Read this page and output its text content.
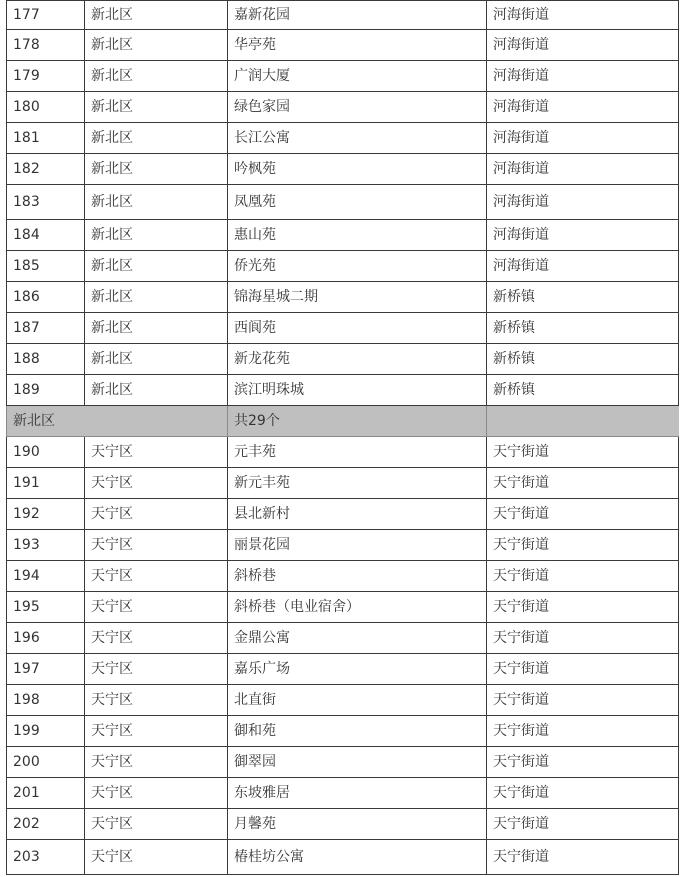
177	新北区	嘉新花园	河海街道
178	新北区	华亭苑	河海街道
179	新北区	广润大厦	河海街道
180	新北区	绿色家园	河海街道
181	新北区	长江公寓	河海街道
182	新北区	吟枫苑	河海街道
183	新北区	凤凰苑	河海街道
184	新北区	惠山苑	河海街道
185	新北区	侨光苑	河海街道
186	新北区	锦海星城二期	新桥镇
187	新北区	西阆苑	新桥镇
188	新北区	新龙花苑	新桥镇
189	新北区	滨江明珠城	新桥镇
新北区		共29个	
190	天宁区	元丰苑	天宁街道
191	天宁区	新元丰苑	天宁街道
192	天宁区	县北新村	天宁街道
193	天宁区	丽景花园	天宁街道
194	天宁区	斜桥巷	天宁街道
195	天宁区	斜桥巷（电业宿舍）	天宁街道
196	天宁区	金鼎公寓	天宁街道
197	天宁区	嘉乐广场	天宁街道
198	天宁区	北直街	天宁街道
199	天宁区	御和苑	天宁街道
200	天宁区	御翠园	天宁街道
201	天宁区	东坡雅居	天宁街道
202	天宁区	月馨苑	天宁街道
203	天宁区	椿桂坊公寓	天宁街道
